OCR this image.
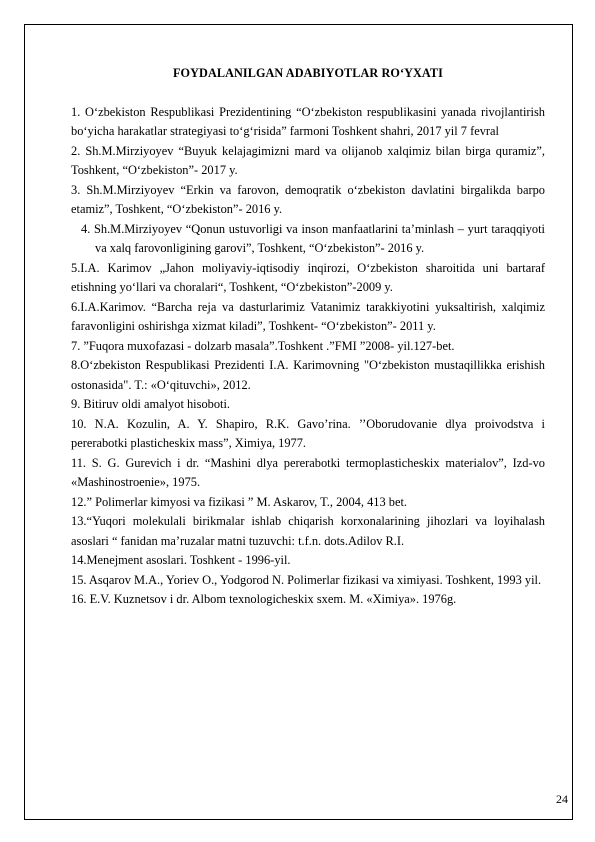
FOYDALANILGAN ADABIYOTLAR RO‘YXATI

1. O‘zbekiston Respublikasi Prezidentining “O‘zbekiston respublikasini yanada rivojlantirish bo‘yicha harakatlar strategiyasi to‘g‘risida” farmoni Toshkent shahri, 2017 yil 7 fevral

2. Sh.M.Mirziyoyev “Buyuk kelajagimizni mard va olijanob xalqimiz bilan birga quramiz”, Toshkent, “O‘zbekiston”- 2017 y.

3. Sh.M.Mirziyoyev “Erkin va farovon, demoqratik o‘zbekiston davlatini birgalikda barpo etamiz”, Toshkent, “O‘zbekiston”- 2016 y.

4. Sh.M.Mirziyoyev “Qonun ustuvorligi va inson manfaatlarini ta’minlash – yurt taraqqiyoti va xalq farovonligining garovi”, Toshkent, “O‘zbekiston”- 2016 y.

5.I.A. Karimov „Jahon moliyaviy-iqtisodiy inqirozi, O‘zbekiston sharoitida uni bartaraf etishning yo‘llari va choralari“, Toshkent, “O‘zbekiston”-2009 y.

6.I.A.Karimov. “Barcha reja va dasturlarimiz Vatanimiz tarakkiyotini yuksaltirish, xalqimiz faravonligini oshirishga xizmat kiladi”, Toshkent- “O‘zbekiston”- 2011 y.

7. ”Fuqora muxofazasi - dolzarb masala”.Toshkent .”FMI ”2008- yil.127-bet.

8.O‘zbekiston Respublikasi Prezidenti I.A. Karimovning "O‘zbekiston mustaqillikka erishish ostonasida". T.: «O‘qituvchi», 2012.

9. Bitiruv oldi amalyot hisoboti.

10. N.A. Kozulin, A. Y. Shapiro, R.K. Gavo’rina. ’’Oborudovanie dlya proivodstva i pererabotki plasticheskix mass”, Ximiya, 1977.

11. S. G. Gurevich i dr. “Mashini dlya pererabotki termoplasticheskix materialov”, Izd-vo «Mashinostroenie», 1975.

12.” Polimerlar kimyosi va fizikasi ” M. Askarov, T., 2004, 413 bet.

13.“Yuqori molekulali birikmalar ishlab chiqarish korxonalarining jihozlari va loyihalash asoslari “ fanidan ma’ruzalar matni tuzuvchi: t.f.n. dots.Adilov R.I.

14.Menejment asoslari. Toshkent - 1996-yil.

15. Asqarov M.A., Yoriev O., Yodgorod N. Polimerlar fizikasi va ximiyasi. Toshkent, 1993 yil.

16. E.V. Kuznetsov i dr. Albom texnologicheskix sxem. M. «Ximiya». 1976g.

24
